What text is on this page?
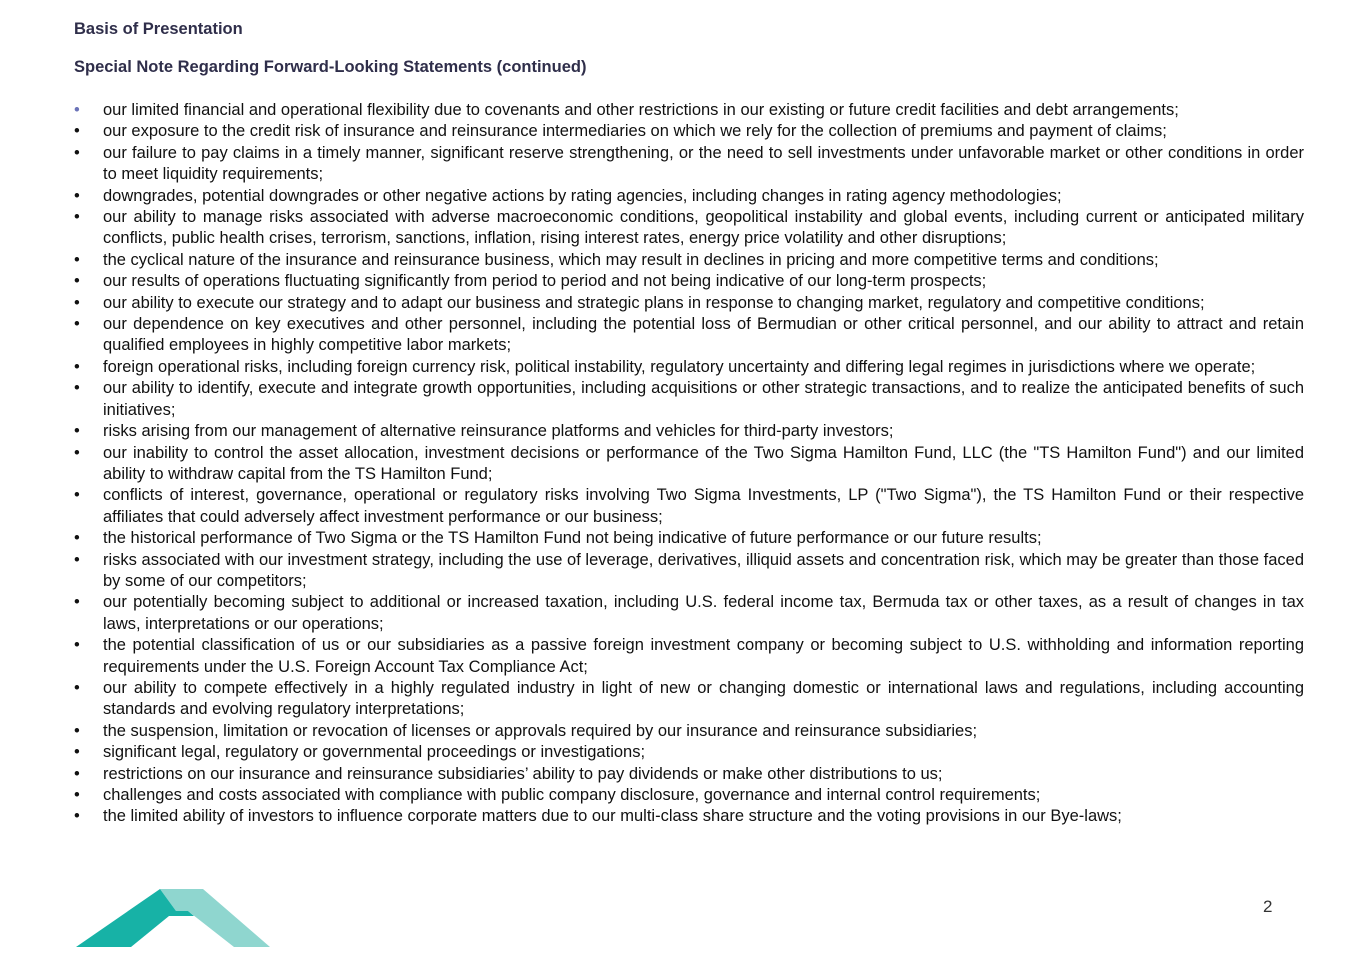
Basis of Presentation
Special Note Regarding Forward-Looking Statements (continued)
• our limited financial and operational flexibility due to covenants and other restrictions in our existing or future credit facilities and debt arrangements;
• our exposure to the credit risk of insurance and reinsurance intermediaries on which we rely for the collection of premiums and payment of claims;
• our failure to pay claims in a timely manner, significant reserve strengthening, or the need to sell investments under unfavorable market or other conditions in order to meet liquidity requirements;
• downgrades, potential downgrades or other negative actions by rating agencies, including changes in rating agency methodologies;
• our ability to manage risks associated with adverse macroeconomic conditions, geopolitical instability and global events, including current or anticipated military conflicts, public health crises, terrorism, sanctions, inflation, rising interest rates, energy price volatility and other disruptions;
• the cyclical nature of the insurance and reinsurance business, which may result in declines in pricing and more competitive terms and conditions;
• our results of operations fluctuating significantly from period to period and not being indicative of our long-term prospects;
• our ability to execute our strategy and to adapt our business and strategic plans in response to changing market, regulatory and competitive conditions;
• our dependence on key executives and other personnel, including the potential loss of Bermudian or other critical personnel, and our ability to attract and retain qualified employees in highly competitive labor markets;
• foreign operational risks, including foreign currency risk, political instability, regulatory uncertainty and differing legal regimes in jurisdictions where we operate;
• our ability to identify, execute and integrate growth opportunities, including acquisitions or other strategic transactions, and to realize the anticipated benefits of such initiatives;
• risks arising from our management of alternative reinsurance platforms and vehicles for third-party investors;
• our inability to control the asset allocation, investment decisions or performance of the Two Sigma Hamilton Fund, LLC (the "TS Hamilton Fund") and our limited ability to withdraw capital from the TS Hamilton Fund;
• conflicts of interest, governance, operational or regulatory risks involving Two Sigma Investments, LP ("Two Sigma"), the TS Hamilton Fund or their respective affiliates that could adversely affect investment performance or our business;
• the historical performance of Two Sigma or the TS Hamilton Fund not being indicative of future performance or our future results;
• risks associated with our investment strategy, including the use of leverage, derivatives, illiquid assets and concentration risk, which may be greater than those faced by some of our competitors;
• our potentially becoming subject to additional or increased taxation, including U.S. federal income tax, Bermuda tax or other taxes, as a result of changes in tax laws, interpretations or our operations;
• the potential classification of us or our subsidiaries as a passive foreign investment company or becoming subject to U.S. withholding and information reporting requirements under the U.S. Foreign Account Tax Compliance Act;
• our ability to compete effectively in a highly regulated industry in light of new or changing domestic or international laws and regulations, including accounting standards and evolving regulatory interpretations;
• the suspension, limitation or revocation of licenses or approvals required by our insurance and reinsurance subsidiaries;
• significant legal, regulatory or governmental proceedings or investigations;
• restrictions on our insurance and reinsurance subsidiaries’ ability to pay dividends or make other distributions to us;
• challenges and costs associated with compliance with public company disclosure, governance and internal control requirements;
• the limited ability of investors to influence corporate matters due to our multi-class share structure and the voting provisions in our Bye-laws;
2
